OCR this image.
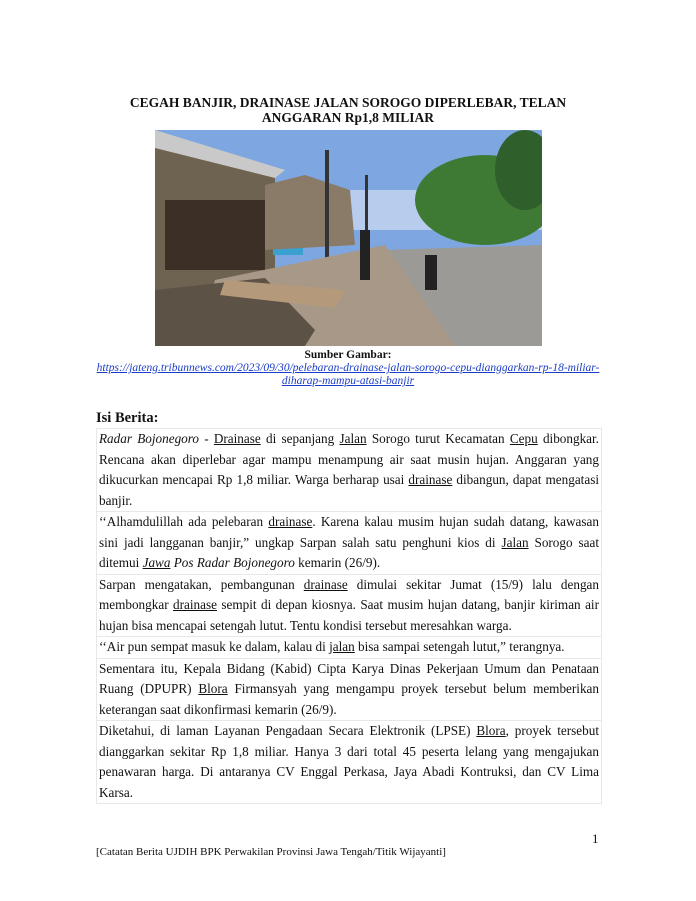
CEGAH BANJIR, DRAINASE JALAN SOROGO DIPERLEBAR, TELAN ANGGARAN Rp1,8 MILIAR
Sumber Gambar:
https://jateng.tribunnews.com/2023/09/30/pelebaran-drainase-jalan-sorogo-cepu-dianggarkan-rp-18-miliar-diharap-mampu-atasi-banjir
Isi Berita:

Radar Bojonegoro - Drainase di sepanjang Jalan Sorogo turut Kecamatan Cepu dibongkar. Rencana akan diperlebar agar mampu menampung air saat musin hujan. Anggaran yang dikucurkan mencapai Rp 1,8 miliar. Warga berharap usai drainase dibangun, dapat mengatasi banjir.

‘‘Alhamdulillah ada pelebaran drainase. Karena kalau musim hujan sudah datang, kawasan sini jadi langganan banjir,” ungkap Sarpan salah satu penghuni kios di Jalan Sorogo saat ditemui Jawa Pos Radar Bojonegoro kemarin (26/9).

Sarpan mengatakan, pembangunan drainase dimulai sekitar Jumat (15/9) lalu dengan membongkar drainase sempit di depan kiosnya. Saat musim hujan datang, banjir kiriman air hujan bisa mencapai setengah lutut. Tentu kondisi tersebut meresahkan warga.

‘‘Air pun sempat masuk ke dalam, kalau di jalan bisa sampai setengah lutut,” terangnya.

Sementara itu, Kepala Bidang (Kabid) Cipta Karya Dinas Pekerjaan Umum dan Penataan Ruang (DPUPR) Blora Firmansyah yang mengampu proyek tersebut belum memberikan keterangan saat dikonfirmasi kemarin (26/9).

Diketahui, di laman Layanan Pengadaan Secara Elektronik (LPSE) Blora, proyek tersebut dianggarkan sekitar Rp 1,8 miliar. Hanya 3 dari total 45 peserta lelang yang mengajukan penawaran harga. Di antaranya CV Enggal Perkasa, Jaya Abadi Kontruksi, dan CV Lima Karsa.

1
[Catatan Berita UJDIH BPK Perwakilan Provinsi Jawa Tengah/Titik Wijayanti]
